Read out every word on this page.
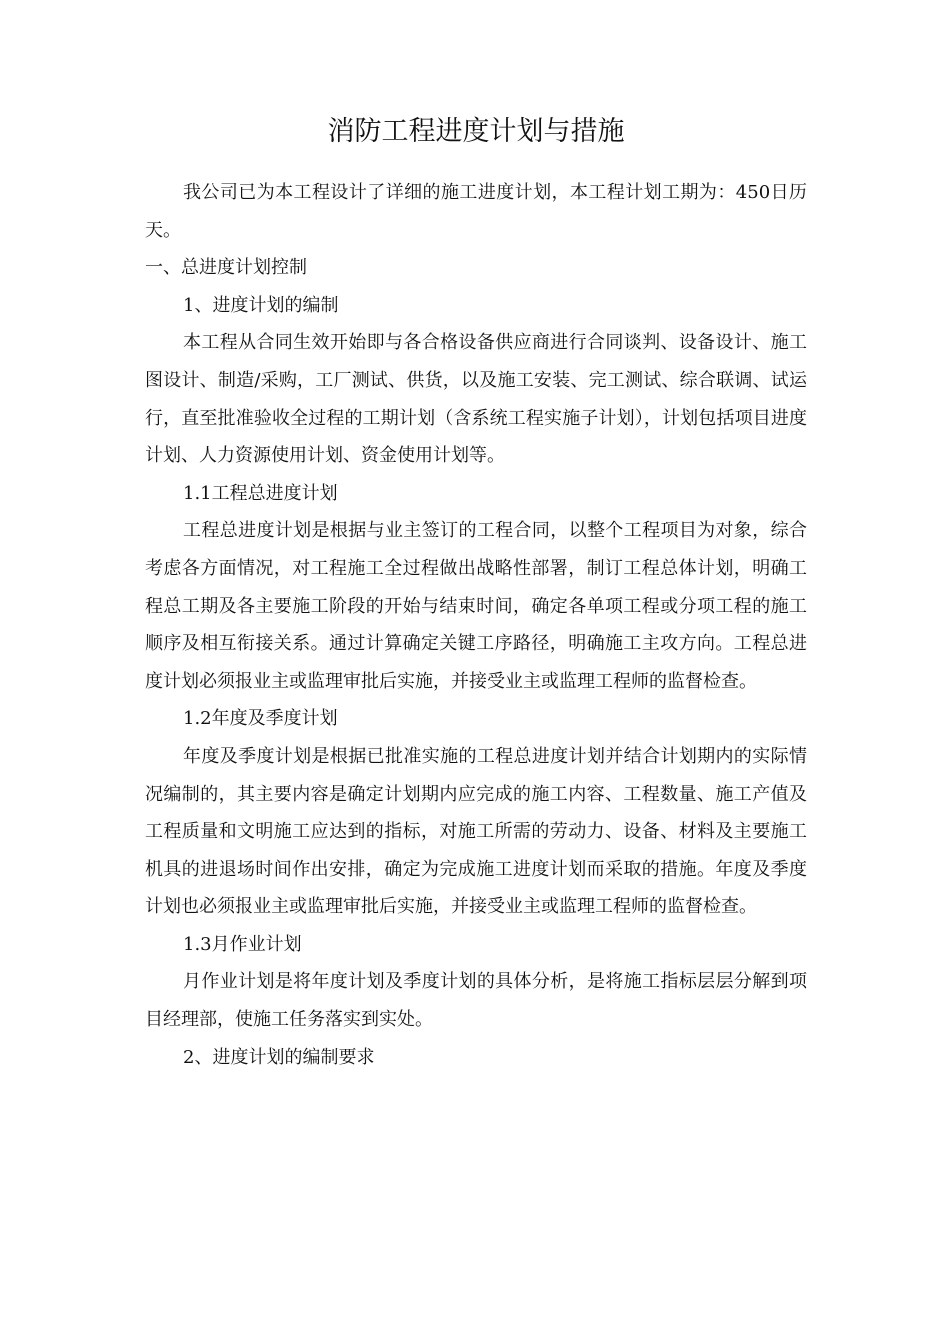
消防工程进度计划与措施

我公司已为本工程设计了详细的施工进度计划，本工程计划工期为：450日历天。

一、总进度计划控制

1、进度计划的编制

本工程从合同生效开始即与各合格设备供应商进行合同谈判、设备设计、施工图设计、制造/采购，工厂测试、供货，以及施工安装、完工测试、综合联调、试运行，直至批准验收全过程的工期计划（含系统工程实施子计划），计划包括项目进度计划、人力资源使用计划、资金使用计划等。

1.1工程总进度计划

工程总进度计划是根据与业主签订的工程合同，以整个工程项目为对象，综合考虑各方面情况，对工程施工全过程做出战略性部署，制订工程总体计划，明确工程总工期及各主要施工阶段的开始与结束时间，确定各单项工程或分项工程的施工顺序及相互衔接关系。通过计算确定关键工序路径，明确施工主攻方向。工程总进度计划必须报业主或监理审批后实施，并接受业主或监理工程师的监督检查。

1.2年度及季度计划

年度及季度计划是根据已批准实施的工程总进度计划并结合计划期内的实际情况编制的，其主要内容是确定计划期内应完成的施工内容、工程数量、施工产值及工程质量和文明施工应达到的指标，对施工所需的劳动力、设备、材料及主要施工机具的进退场时间作出安排，确定为完成施工进度计划而采取的措施。年度及季度计划也必须报业主或监理审批后实施，并接受业主或监理工程师的监督检查。

1.3月作业计划

月作业计划是将年度计划及季度计划的具体分析，是将施工指标层层分解到项目经理部，使施工任务落实到实处。

2、进度计划的编制要求
